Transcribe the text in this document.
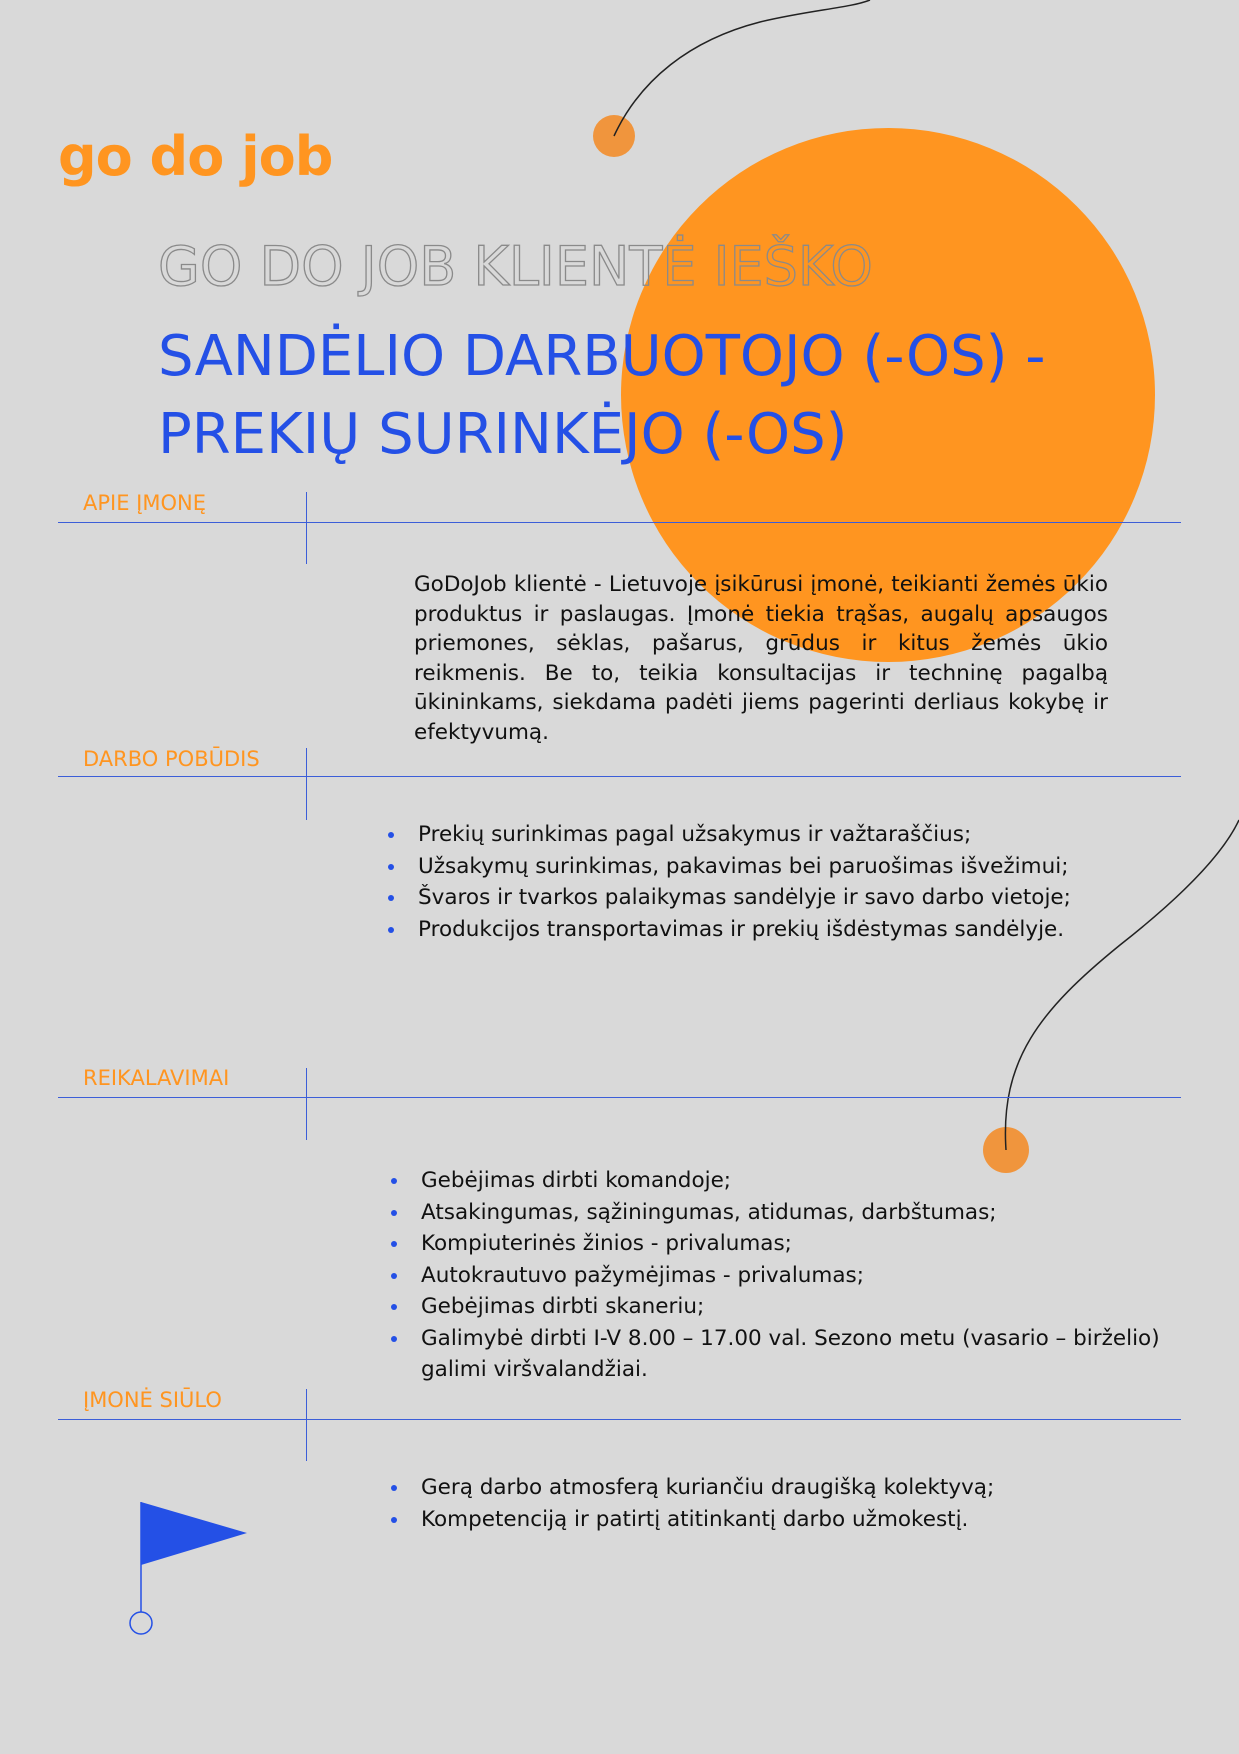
go do job
GO DO JOB KLIENTĖ IEŠKO
SANDĖLIO DARBUOTOJO (-OS) - PREKIŲ SURINKĖJO (-OS)
APIE ĮMONĘ
GoDoJob klientė - Lietuvoje įsikūrusi įmonė, teikianti žemės ūkio produktus ir paslaugas. Įmonė tiekia trąšas, augalų apsaugos priemones, sėklas, pašarus, grūdus ir kitus žemės ūkio reikmenis. Be to, teikia konsultacijas ir techninę pagalbą ūkininkams, siekdama padėti jiems pagerinti derliaus kokybę ir efektyvumą.
DARBO POBŪDIS
Prekių surinkimas pagal užsakymus ir važtaraščius;
Užsakymų surinkimas, pakavimas bei paruošimas išvežimui;
Švaros ir tvarkos palaikymas sandėlyje ir savo darbo vietoje;
Produkcijos transportavimas ir prekių išdėstymas sandėlyje.
REIKALAVIMAI
Gebėjimas dirbti komandoje;
Atsakingumas, sąžiningumas, atidumas, darbštumas;
Kompiuterinės žinios - privalumas;
Autokrautuvo pažymėjimas - privalumas;
Gebėjimas dirbti skaneriu;
Galimybė dirbti I-V 8.00 – 17.00 val. Sezono metu (vasario – birželio) galimi viršvalandžiai.
ĮMONĖ SIŪLO
Gerą darbo atmosferą kuriančiu draugišką kolektyvą;
Kompetenciją ir patirtį atitinkantį darbo užmokestį.
